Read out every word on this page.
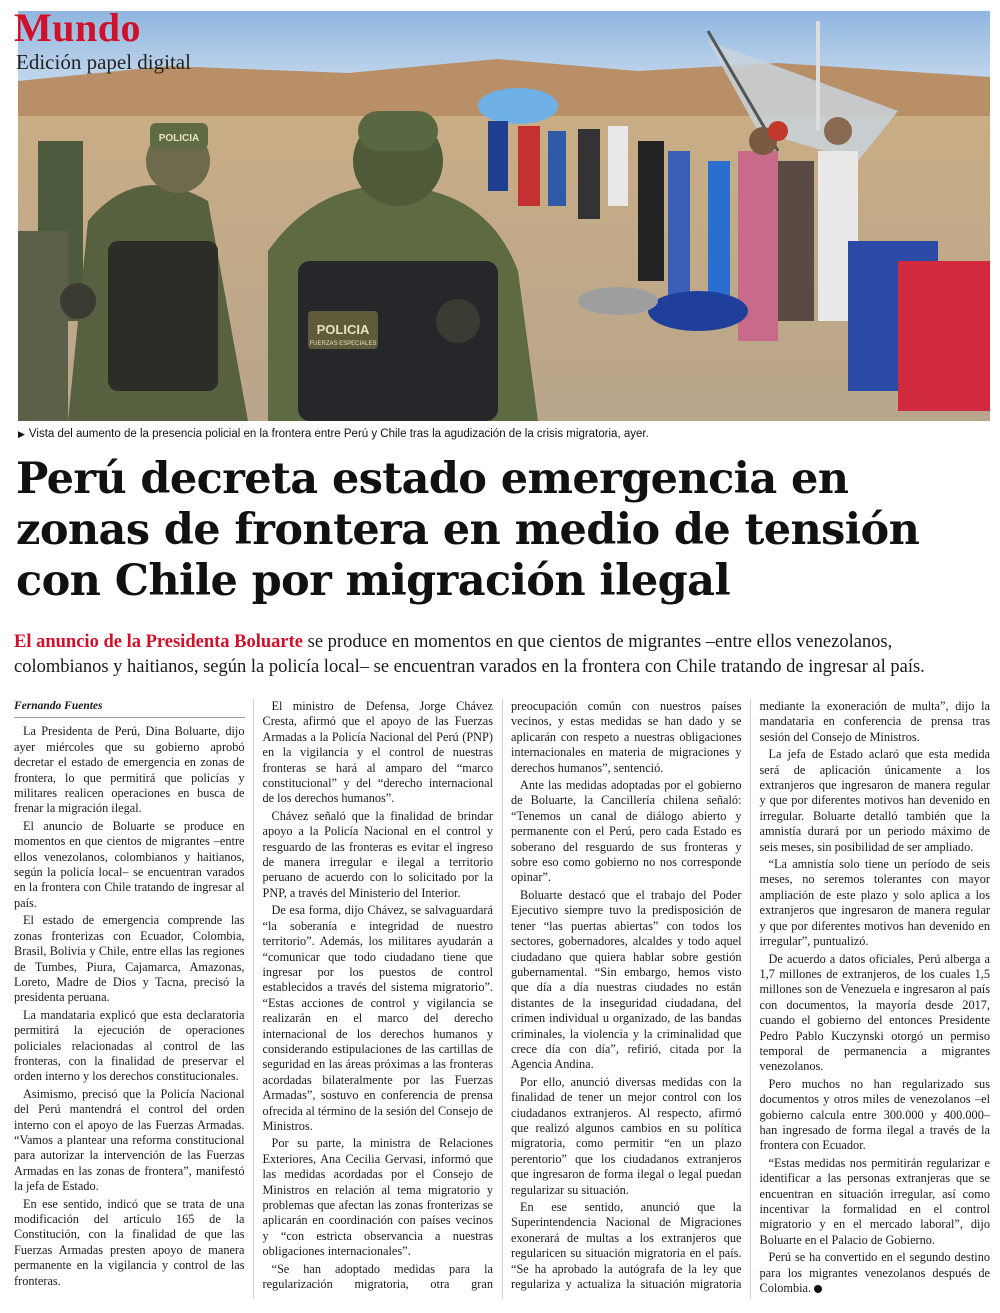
POLICIA
FUERZAS ESPECIALES
POLICIA
Mundo
Edición papel digital
▶ Vista del aumento de la presencia policial en la frontera entre Perú y Chile tras la agudización de la crisis migratoria, ayer.
Perú decreta estado emergencia en zonas de frontera en medio de tensión con Chile por migración ilegal

El anuncio de la Presidenta Boluarte se produce en momentos en que cientos de migrantes –entre ellos venezolanos, colombianos y haitianos, según la policía local– se encuentran varados en la frontera con Chile tratando de ingresar al país.

Fernando Fuentes

La Presidenta de Perú, Dina Boluarte, dijo ayer miércoles que su gobierno aprobó decretar el estado de emergencia en zonas de frontera, lo que permitirá que policías y militares realicen operaciones en busca de frenar la migración ilegal.

El anuncio de Boluarte se produce en momentos en que cientos de migrantes –entre ellos venezolanos, colombianos y haitianos, según la policía local– se encuentran varados en la frontera con Chile tratando de ingresar al país.

El estado de emergencia comprende las zonas fronterizas con Ecuador, Colombia, Brasil, Bolivia y Chile, entre ellas las regiones de Tumbes, Piura, Cajamarca, Amazonas, Loreto, Madre de Dios y Tacna, precisó la presidenta peruana.

La mandataria explicó que esta declaratoria permitirá la ejecución de operaciones policiales relacionadas al control de las fronteras, con la finalidad de preservar el orden interno y los derechos constitucionales.

Asimismo, precisó que la Policía Nacional del Perú mantendrá el control del orden interno con el apoyo de las Fuerzas Armadas. “Vamos a plantear una reforma constitucional para autorizar la intervención de las Fuerzas Armadas en las zonas de frontera”, manifestó la jefa de Estado.

En ese sentido, indicó que se trata de una modificación del artículo 165 de la Constitución, con la finalidad de que las Fuerzas Armadas presten apoyo de manera permanente en la vigilancia y control de las fronteras.

El ministro de Defensa, Jorge Chávez Cresta, afirmó que el apoyo de las Fuerzas Armadas a la Policía Nacional del Perú (PNP) en la vigilancia y el control de nuestras fronteras se hará al amparo del “marco constitucional” y del “derecho internacional de los derechos humanos”.

Chávez señaló que la finalidad de brindar apoyo a la Policía Nacional en el control y resguardo de las fronteras es evitar el ingreso de manera irregular e ilegal a territorio peruano de acuerdo con lo solicitado por la PNP, a través del Ministerio del Interior.

De esa forma, dijo Chávez, se salvaguardará “la soberanía e integridad de nuestro territorio”. Además, los militares ayudarán a “comunicar que todo ciudadano tiene que ingresar por los puestos de control establecidos a través del sistema migratorio”. “Estas acciones de control y vigilancia se realizarán en el marco del derecho internacional de los derechos humanos y considerando estipulaciones de las cartillas de seguridad en las áreas próximas a las fronteras acordadas bilateralmente por las Fuerzas Armadas”, sostuvo en conferencia de prensa ofrecida al término de la sesión del Consejo de Ministros.

Por su parte, la ministra de Relaciones Exteriores, Ana Cecilia Gervasi, informó que las medidas acordadas por el Consejo de Ministros en relación al tema migratorio y problemas que afectan las zonas fronterizas se aplicarán en coordinación con países vecinos y “con estricta observancia a nuestras obligaciones internacionales”.

“Se han adoptado medidas para la regularización migratoria, otra gran preocupación común con nuestros países vecinos, y estas medidas se han dado y se aplicarán con respeto a nuestras obligaciones internacionales en materia de migraciones y derechos humanos”, sentenció.

Ante las medidas adoptadas por el gobierno de Boluarte, la Cancillería chilena señaló: “Tenemos un canal de diálogo abierto y permanente con el Perú, pero cada Estado es soberano del resguardo de sus fronteras y sobre eso como gobierno no nos corresponde opinar”.

Boluarte destacó que el trabajo del Poder Ejecutivo siempre tuvo la predisposición de tener “las puertas abiertas” con todos los sectores, gobernadores, alcaldes y todo aquel ciudadano que quiera hablar sobre gestión gubernamental. “Sin embargo, hemos visto que día a día nuestras ciudades no están distantes de la inseguridad ciudadana, del crimen individual u organizado, de las bandas criminales, la violencia y la criminalidad que crece día con día”, refirió, citada por la Agencia Andina.

Por ello, anunció diversas medidas con la finalidad de tener un mejor control con los ciudadanos extranjeros. Al respecto, afirmó que realizó algunos cambios en su política migratoria, como permitir “en un plazo perentorio” que los ciudadanos extranjeros que ingresaron de forma ilegal o legal puedan regularizar su situación.

En ese sentido, anunció que la Superintendencia Nacional de Migraciones exonerará de multas a los extranjeros que regularicen su situación migratoria en el país. “Se ha aprobado la autógrafa de la ley que regulariza y actualiza la situación migratoria mediante la exoneración de multa”, dijo la mandataria en conferencia de prensa tras sesión del Consejo de Ministros.

La jefa de Estado aclaró que esta medida será de aplicación únicamente a los extranjeros que ingresaron de manera regular y que por diferentes motivos han devenido en irregular. Boluarte detalló también que la amnistía durará por un periodo máximo de seis meses, sin posibilidad de ser ampliado.

“La amnistía solo tiene un período de seis meses, no seremos tolerantes con mayor ampliación de este plazo y solo aplica a los extranjeros que ingresaron de manera regular y que por diferentes motivos han devenido en irregular”, puntualizó.

De acuerdo a datos oficiales, Perú alberga a 1,7 millones de extranjeros, de los cuales 1,5 millones son de Venezuela e ingresaron al país con documentos, la mayoría desde 2017, cuando el gobierno del entonces Presidente Pedro Pablo Kuczynski otorgó un permiso temporal de permanencia a migrantes venezolanos.

Pero muchos no han regularizado sus documentos y otros miles de venezolanos –el gobierno calcula entre 300.000 y 400.000– han ingresado de forma ilegal a través de la frontera con Ecuador.

“Estas medidas nos permitirán regularizar e identificar a las personas extranjeras que se encuentran en situación irregular, así como incentivar la formalidad en el control migratorio y en el mercado laboral”, dijo Boluarte en el Palacio de Gobierno.

Perú se ha convertido en el segundo destino para los migrantes venezolanos después de Colombia.
